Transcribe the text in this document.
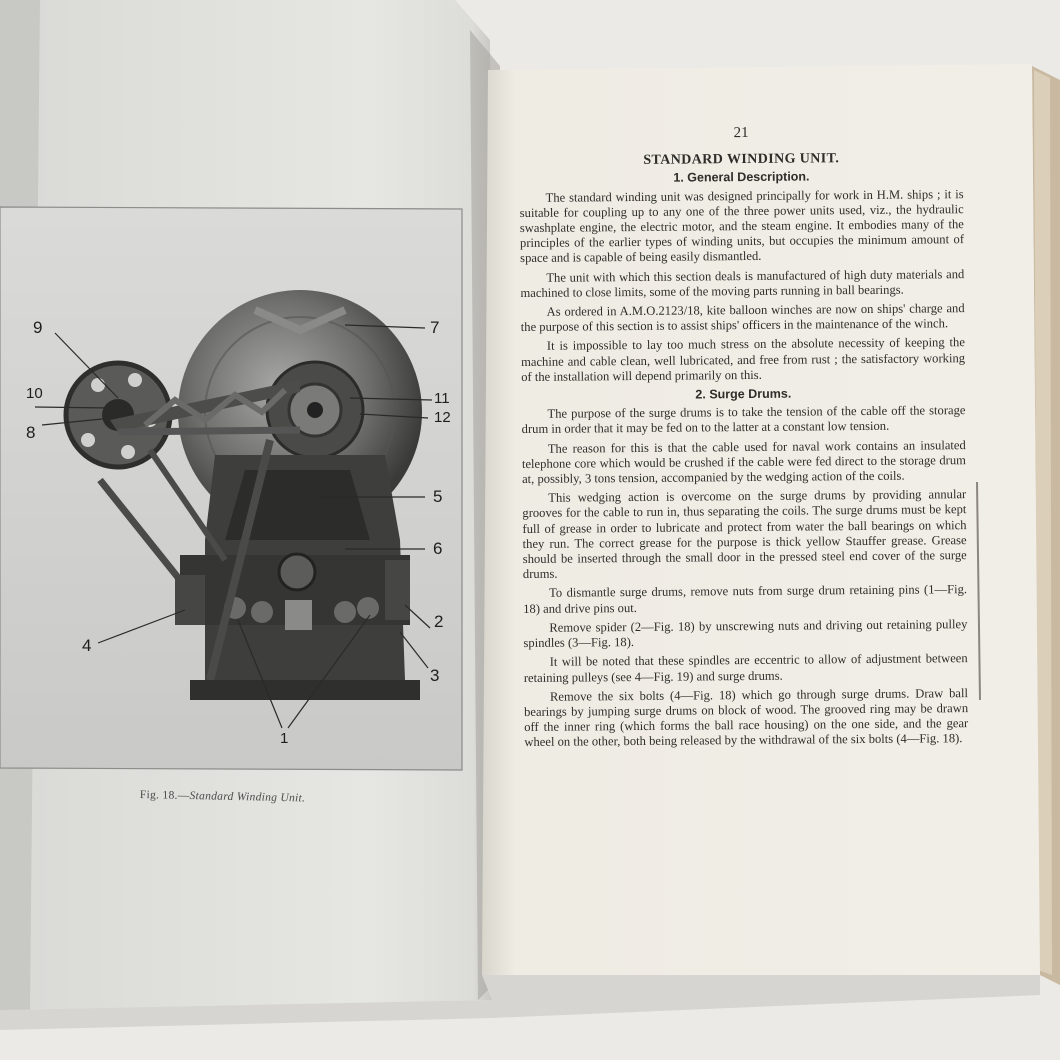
9
10
8
7
11
12
5
6
2
4
3
1
Fig. 18.—Standard Winding Unit.
21
STANDARD WINDING UNIT.
1. General Description.

The standard winding unit was designed principally for work in H.M. ships ; it is suitable for coupling up to any one of the three power units used, viz., the hydraulic swashplate engine, the electric motor, and the steam engine. It embodies many of the principles of the earlier types of winding units, but occupies the minimum amount of space and is capable of being easily dismantled.

The unit with which this section deals is manufactured of high duty materials and machined to close limits, some of the moving parts running in ball bearings.

As ordered in A.M.O.2123/18, kite balloon winches are now on ships' charge and the purpose of this section is to assist ships' officers in the maintenance of the winch.

It is impossible to lay too much stress on the absolute necessity of keeping the machine and cable clean, well lubricated, and free from rust ; the satisfactory working of the installation will depend primarily on this.

2. Surge Drums.

The purpose of the surge drums is to take the tension of the cable off the storage drum in order that it may be fed on to the latter at a constant low tension.

The reason for this is that the cable used for naval work contains an insulated telephone core which would be crushed if the cable were fed direct to the storage drum at, possibly, 3 tons tension, accompanied by the wedging action of the coils.

This wedging action is overcome on the surge drums by providing annular grooves for the cable to run in, thus separating the coils. The surge drums must be kept full of grease in order to lubricate and protect from water the ball bearings on which they run. The correct grease for the purpose is thick yellow Stauffer grease. Grease should be inserted through the small door in the pressed steel end cover of the surge drums.

To dismantle surge drums, remove nuts from surge drum retaining pins (1—Fig. 18) and drive pins out.

Remove spider (2—Fig. 18) by unscrewing nuts and driving out retaining pulley spindles (3—Fig. 18).

It will be noted that these spindles are eccentric to allow of adjustment between retaining pulleys (see 4—Fig. 19) and surge drums.

Remove the six bolts (4—Fig. 18) which go through surge drums. Draw ball bearings by jumping surge drums on block of wood. The grooved ring may be drawn off the inner ring (which forms the ball race housing) on the one side, and the gear wheel on the other, both being released by the withdrawal of the six bolts (4—Fig. 18).
